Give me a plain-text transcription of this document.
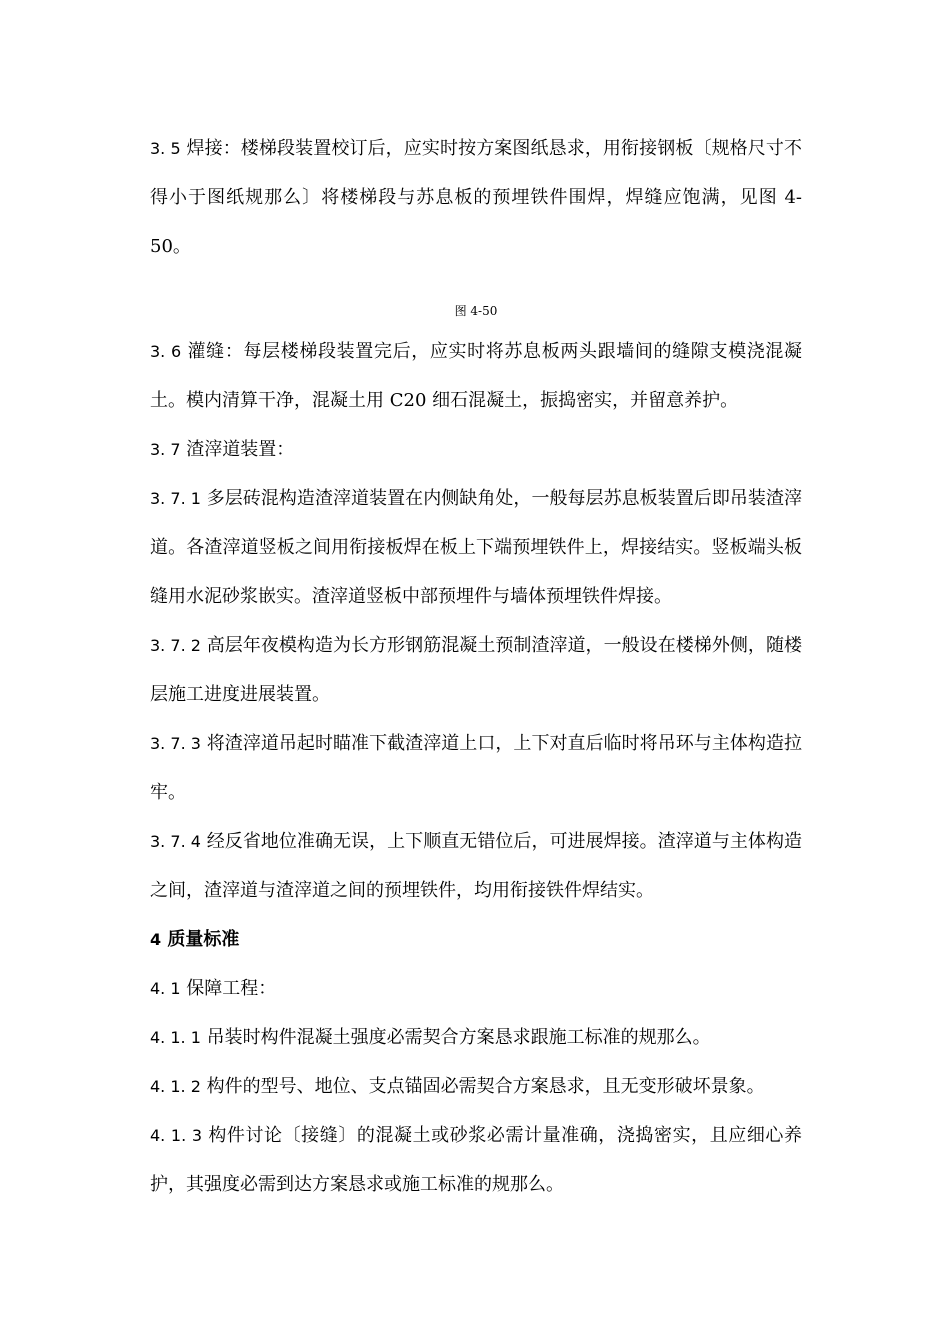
3. 5 焊接：楼梯段装置校订后，应实时按方案图纸恳求，用衔接钢板〔规格尺寸不得小于图纸规那么〕将楼梯段与苏息板的预埋铁件围焊，焊缝应饱满，见图 4-50。

图 4-50

3. 6 灌缝：每层楼梯段装置完后，应实时将苏息板两头跟墙间的缝隙支模浇混凝土。模内清算干净，混凝土用 C20 细石混凝土，振捣密实，并留意养护。

3. 7 渣滓道装置：

3. 7. 1 多层砖混构造渣滓道装置在内侧缺角处，一般每层苏息板装置后即吊装渣滓道。各渣滓道竖板之间用衔接板焊在板上下端预埋铁件上，焊接结实。竖板端头板缝用水泥砂浆嵌实。渣滓道竖板中部预埋件与墙体预埋铁件焊接。

3. 7. 2 高层年夜模构造为长方形钢筋混凝土预制渣滓道，一般设在楼梯外侧，随楼层施工进度进展装置。

3. 7. 3 将渣滓道吊起时瞄准下截渣滓道上口，上下对直后临时将吊环与主体构造拉牢。

3. 7. 4 经反省地位准确无误，上下顺直无错位后，可进展焊接。渣滓道与主体构造之间，渣滓道与渣滓道之间的预埋铁件，均用衔接铁件焊结实。

4 质量标准

4. 1 保障工程：

4. 1. 1 吊装时构件混凝土强度必需契合方案恳求跟施工标准的规那么。

4. 1. 2 构件的型号、地位、支点锚固必需契合方案恳求，且无变形破坏景象。

4. 1. 3 构件讨论〔接缝〕的混凝土或砂浆必需计量准确，浇捣密实，且应细心养护，其强度必需到达方案恳求或施工标准的规那么。
